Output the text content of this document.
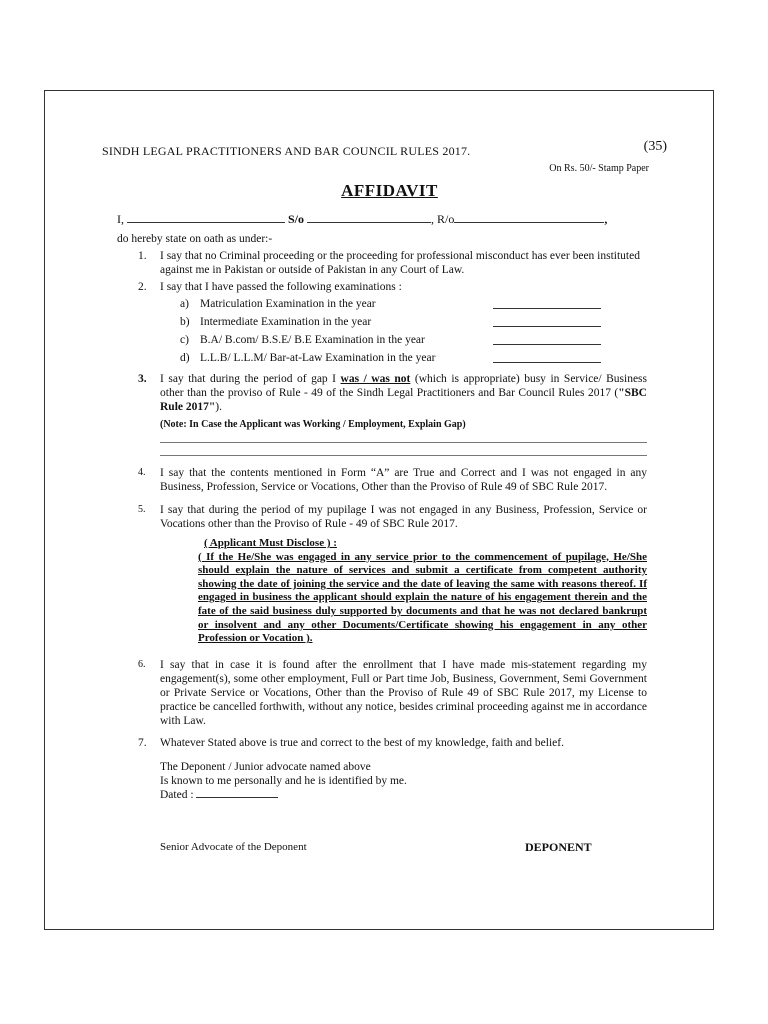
SINDH LEGAL PRACTITIONERS AND BAR COUNCIL RULES 2017.	(35)
On Rs. 50/- Stamp Paper
AFFIDAVIT
I,	S/o	, R/o	,
do hereby state on oath as under:-
1. I say that no Criminal proceeding or the proceeding for professional misconduct has ever been instituted against me in Pakistan or outside of Pakistan in any Court of Law.
2. I say that I have passed the following examinations :
a) Matriculation Examination in the year
b) Intermediate Examination in the year
c) B.A/ B.com/ B.S.E/ B.E Examination in the year
d) L.L.B/ L.L.M/ Bar-at-Law Examination in the year
3. I say that during the period of gap I was / was not (which is appropriate) busy in Service/ Business             other than the proviso of Rule - 49 of the Sindh Legal Practitioners and Bar Council Rules 2017 ("SBC Rule 2017").
(Note: In Case the Applicant was Working / Employment, Explain Gap)
4. I say that the contents mentioned in Form “A” are True and Correct and I was not engaged in any Business, Profession, Service or Vocations, Other than the Proviso of Rule 49 of SBC Rule 2017.
5. I say that during the period of my pupilage I was not engaged in any Business, Profession, Service or Vocations other than the Proviso of Rule - 49 of SBC Rule 2017.
( Applicant Must Disclose ) :
( If the He/She was engaged in any service prior to the commencement of pupilage, He/She should explain the nature of services and submit a certificate from competent authority showing the date of joining the service and the date of leaving the same with reasons thereof. If engaged in business the applicant should explain the nature of his engagement therein and the fate of the said business duly supported by documents and that he was not declared bankrupt or insolvent and any other Documents/Certificate showing his engagement in any other Profession or Vocation ).
6. I say that in case it is found after the enrollment that I have made mis-statement regarding my engagement(s), some other employment, Full or Part time Job, Business, Government, Semi Government or Private Service or Vocations, Other than the Proviso of Rule 49 of SBC Rule 2017, my License to practice be cancelled forthwith, without any notice, besides criminal proceeding against me in accordance with Law.
7. Whatever Stated above is true and correct to the best of my knowledge, faith and belief.
The Deponent / Junior advocate named above
Is known to me personally and he is identified by me.
Dated :
Senior Advocate of the Deponent	DEPONENT
